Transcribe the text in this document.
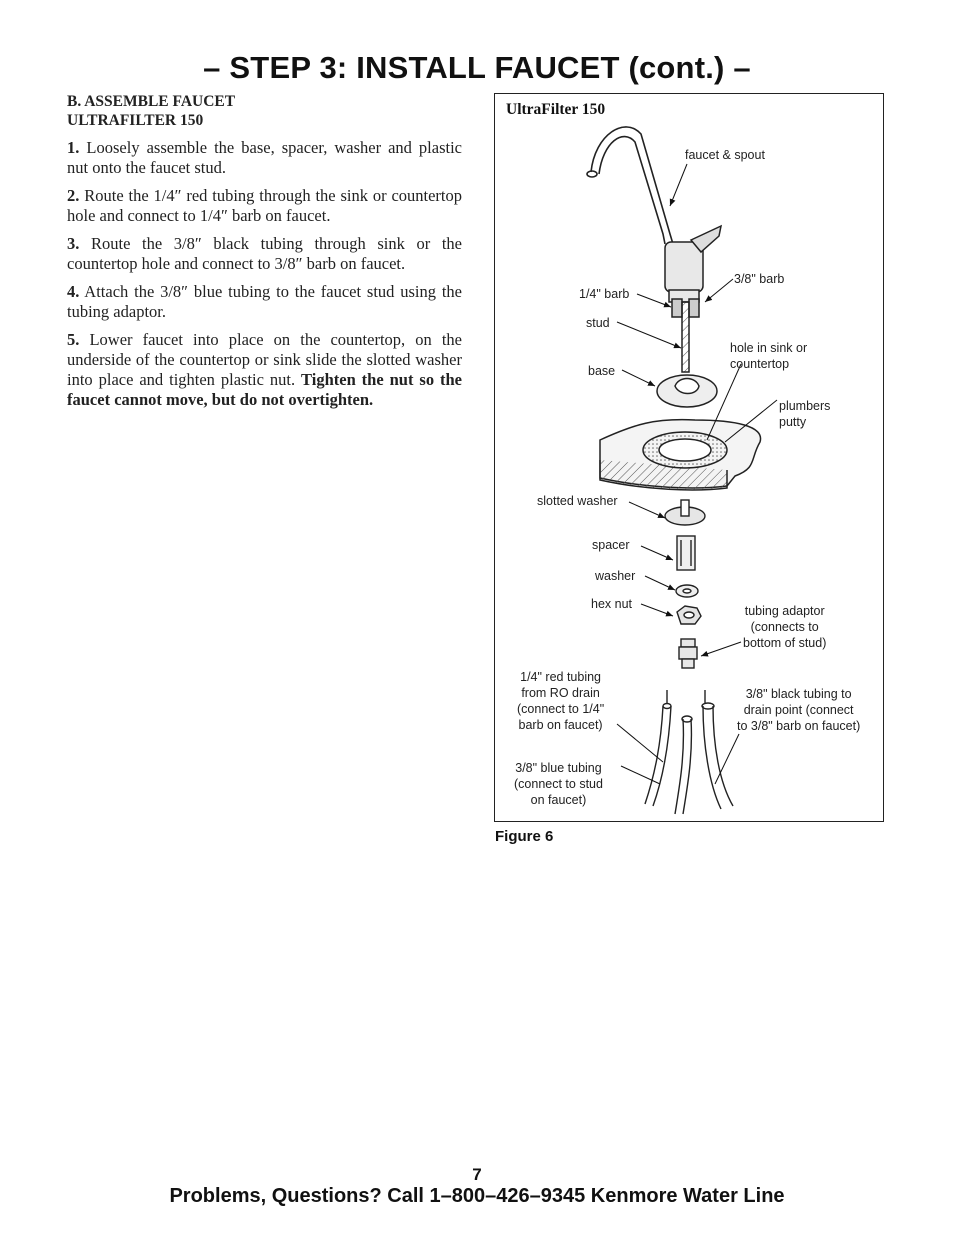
– STEP 3: INSTALL FAUCET (cont.) –

B. ASSEMBLE FAUCET

ULTRAFILTER 150

1. Loosely assemble the base, spacer, washer and plastic nut onto the faucet stud.

2. Route the 1/4″ red tubing through the sink or countertop hole and connect to 1/4″ barb on faucet.

3. Route the 3/8″ black tubing through sink or the countertop hole and connect to 3/8″ barb on faucet.

4. Attach the 3/8″ blue tubing to the faucet stud using the tubing adaptor.

5. Lower faucet into place on the countertop, on the underside of the countertop or sink slide the slotted washer into place and tighten plastic nut. Tighten the nut so the faucet cannot move, but do not overtighten.

UltraFilter 150
faucet & spout
3/8" barb
1/4" barb
stud
hole in sink or
countertop
base
plumbers
putty
slotted washer
spacer
washer
hex nut	tubing adaptor
(connects to
bottom of stud)
1/4" red tubing
from RO drain
(connect to 1/4"
barb on faucet)
3/8" black tubing to
drain point (connect
to 3/8" barb on faucet)
3/8" blue tubing
(connect to stud
on faucet)
Figure 6
7
Problems, Questions? Call 1–800–426–9345 Kenmore Water Line
